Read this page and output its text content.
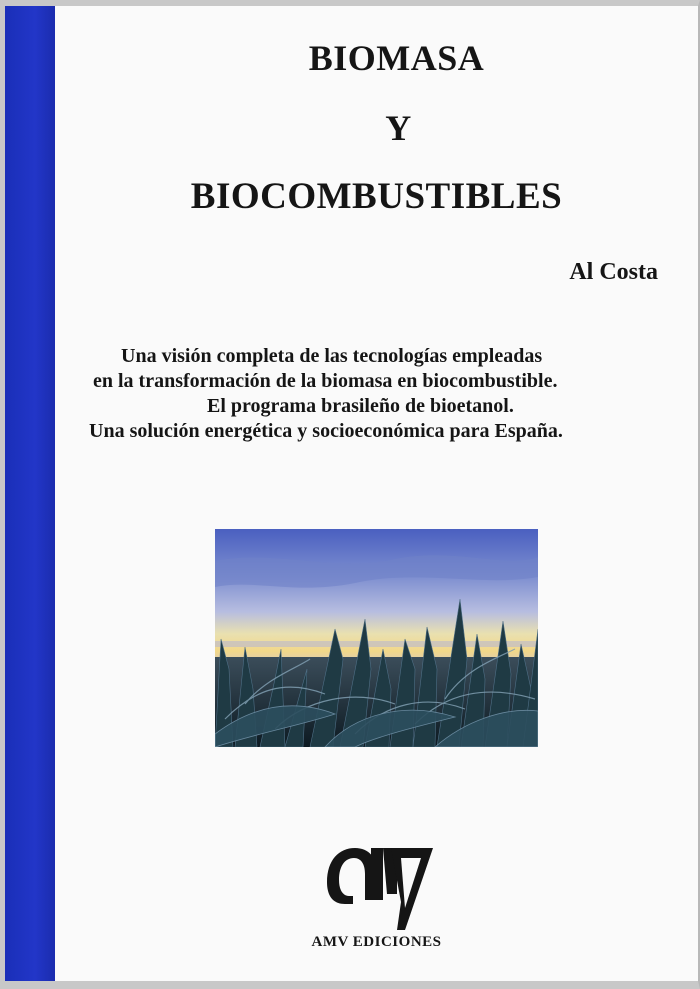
BIOMASA
Y
BIOCOMBUSTIBLES
Al Costa
Una visión completa de las tecnologías empleadas
en la transformación de la biomasa en biocombustible.
El programa brasileño de bioetanol.
Una solución energética y socioeconómica para España.
AMV EDICIONES
